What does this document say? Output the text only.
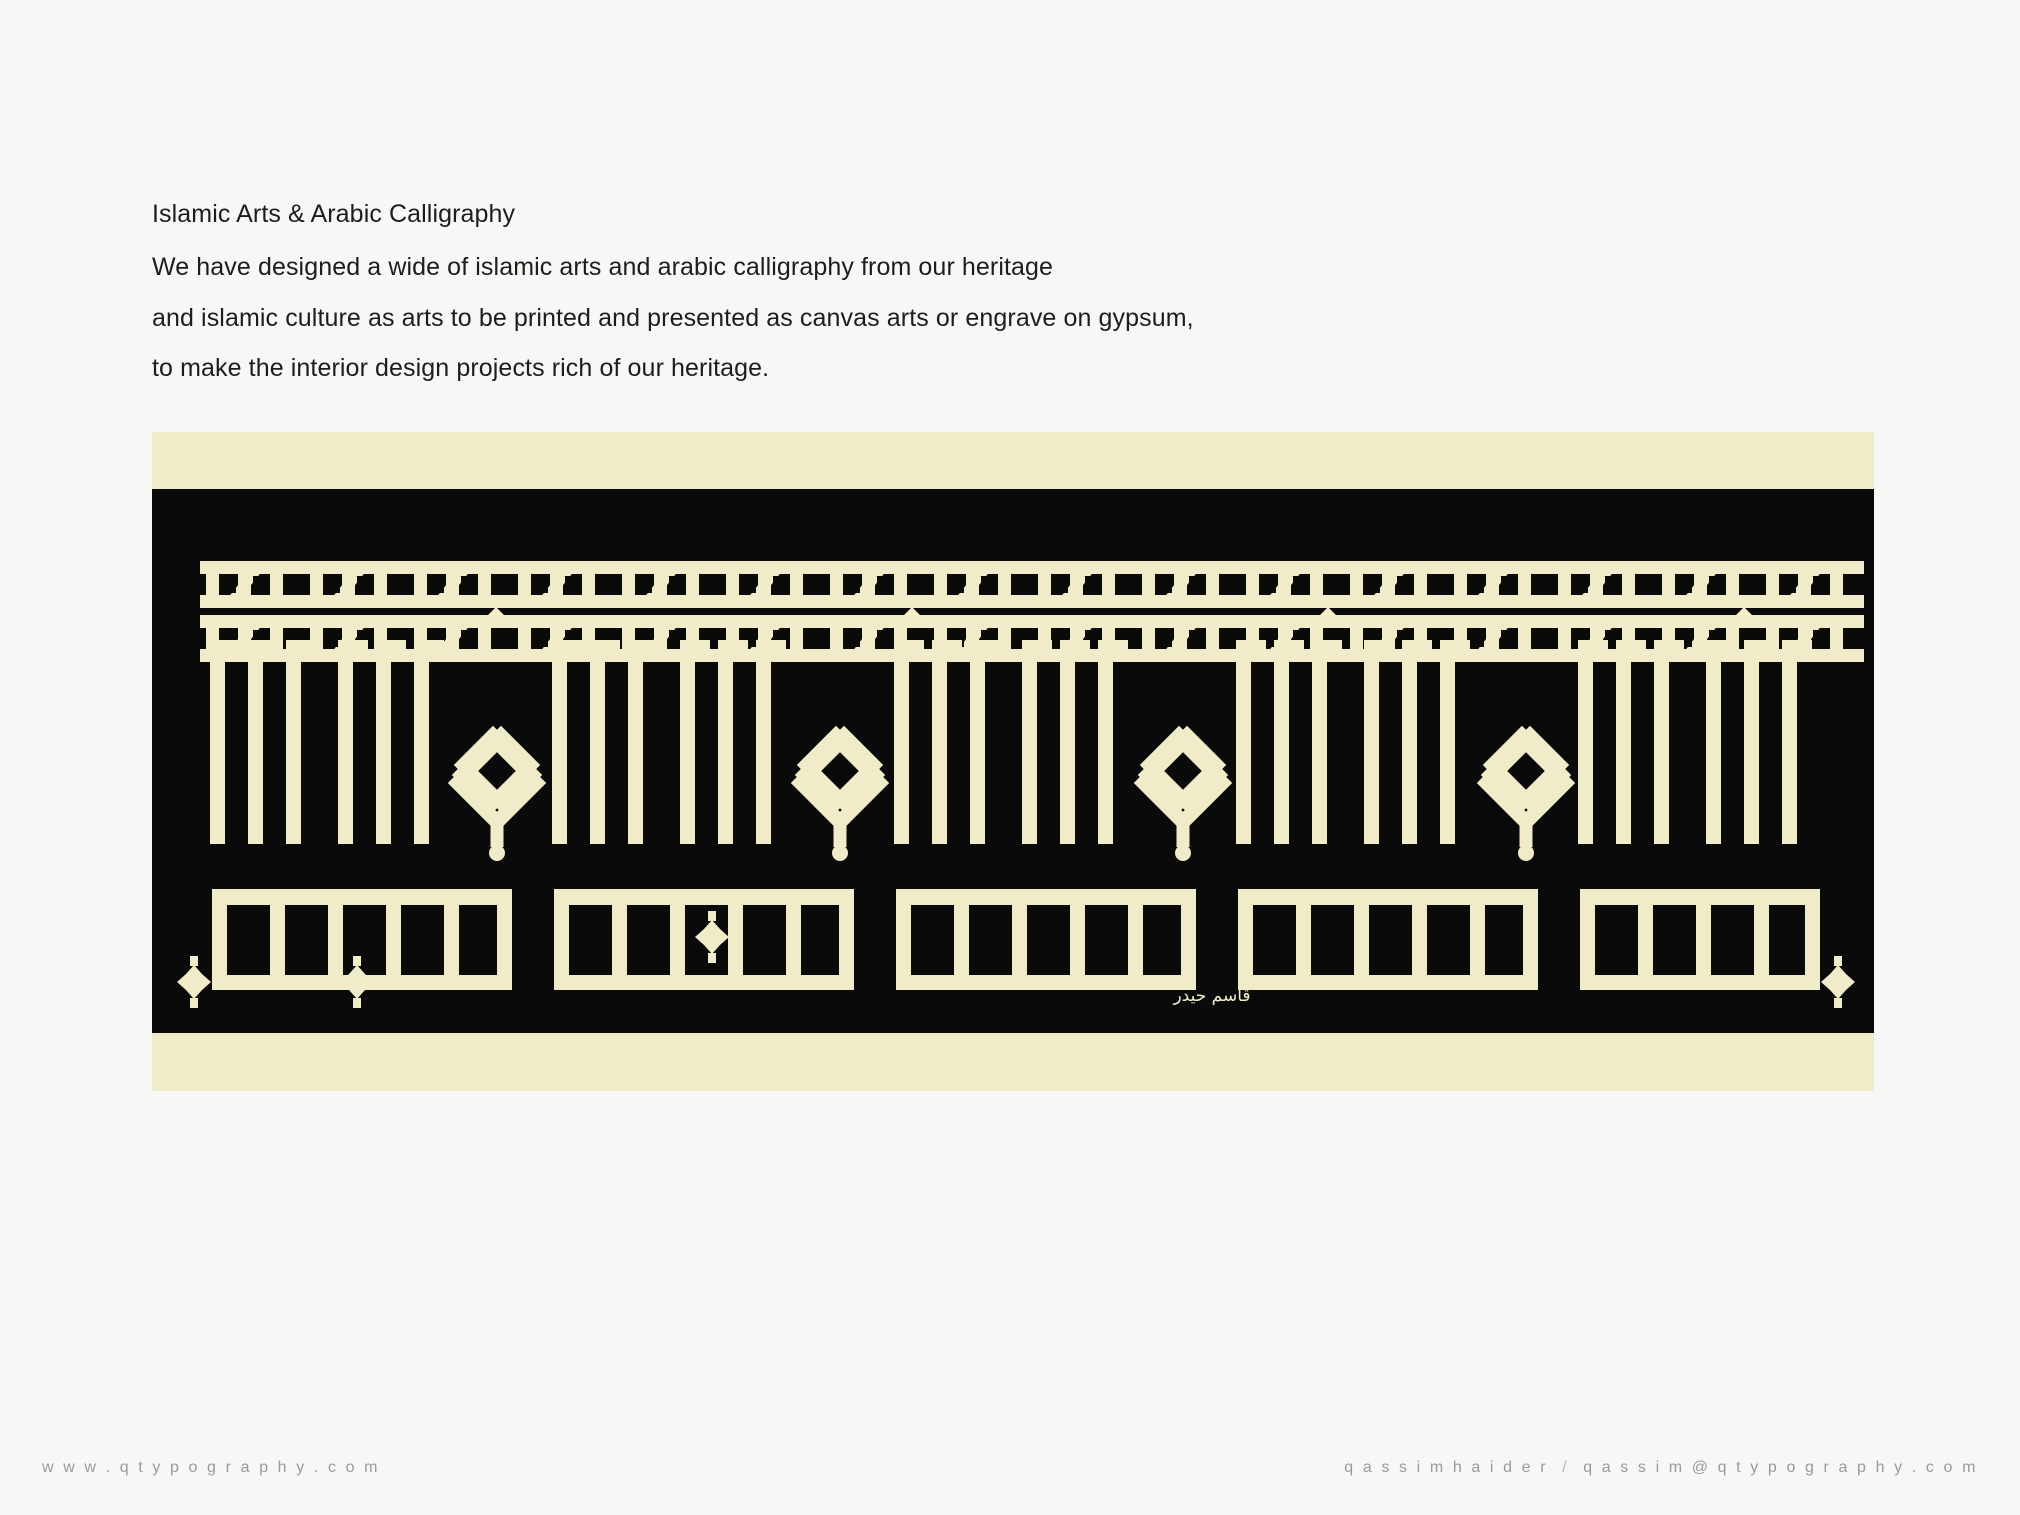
Islamic Arts & Arabic Calligraphy

We have designed a wide of islamic arts and arabic calligraphy from our heritage

and islamic culture as arts to be printed and presented as canvas arts or engrave on gypsum,

to make the interior design projects rich of our heritage.

قاسم حيدر
١٤٣٥
w w w . q t y p o g r a p h y . c o m	q a s s i m h a i d e r / q a s s i m @ q t y p o g r a p h y . c o m
